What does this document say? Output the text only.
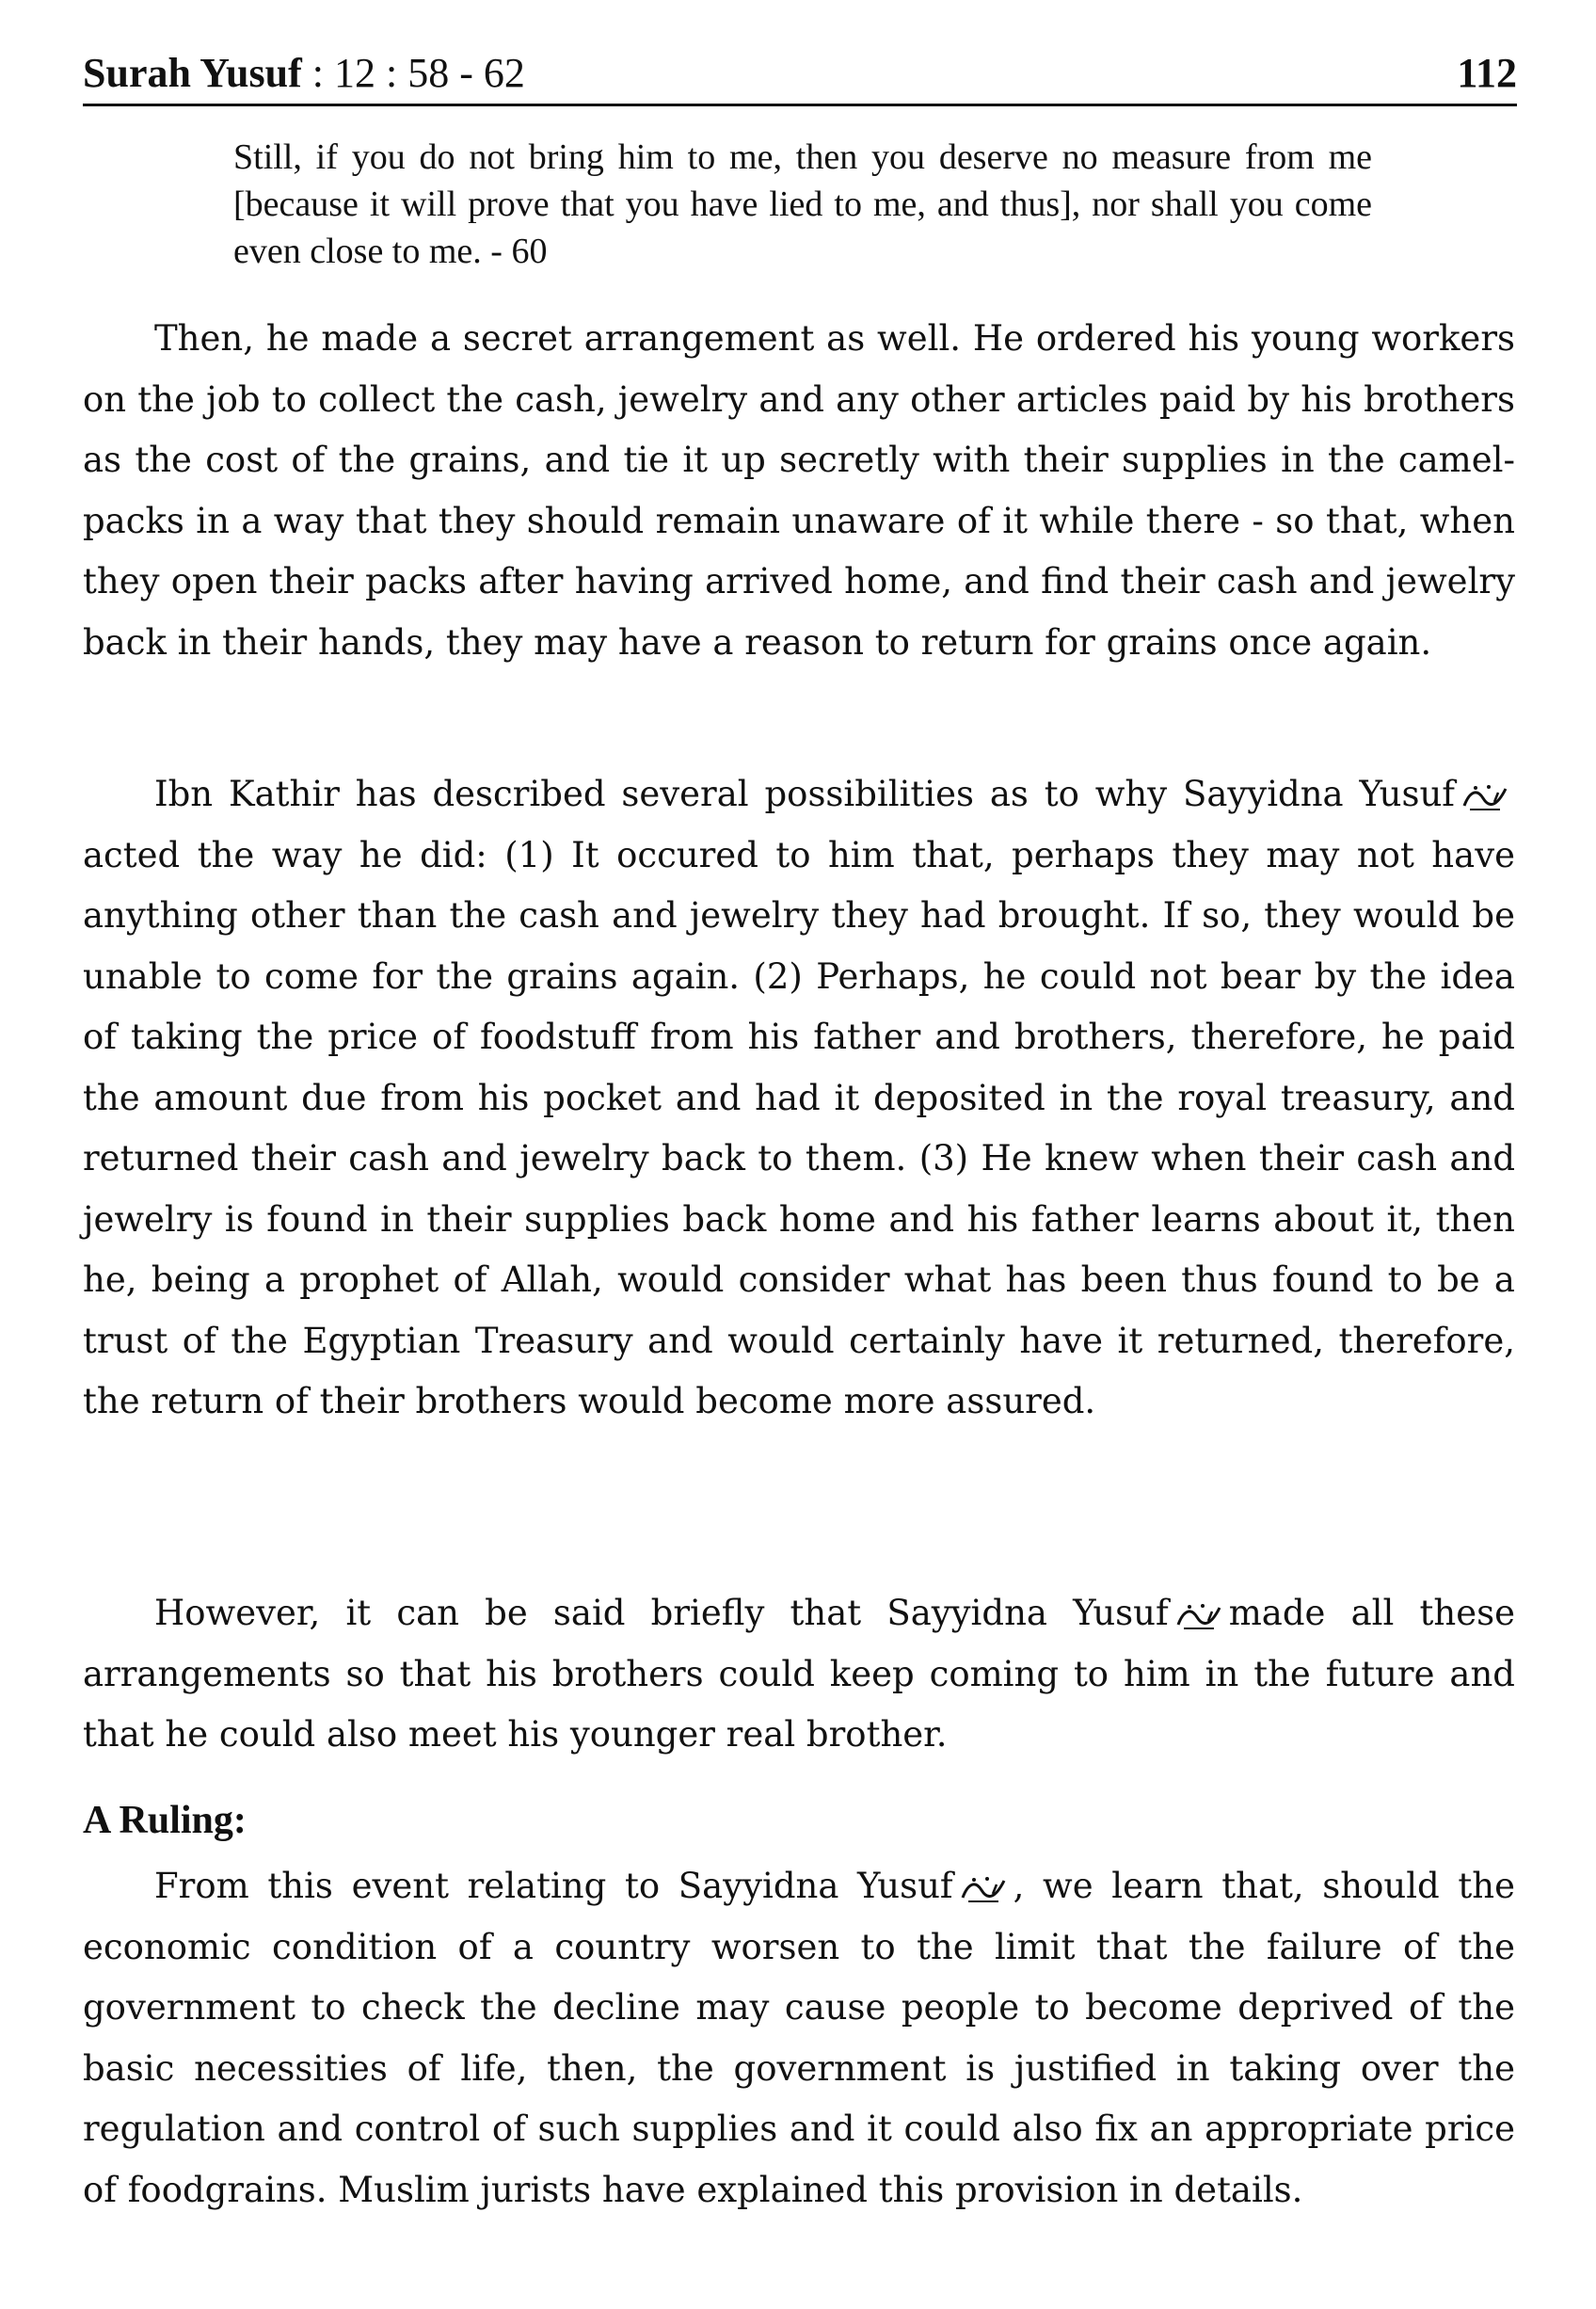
Surah Yusuf : 12 : 58 - 62	112
Still, if you do not bring him to me, then you deserve no measure from me [because it will prove that you have lied to me, and thus], nor shall you come even close to me. - 60

Then, he made a secret arrangement as well. He ordered his young workers on the job to collect the cash, jewelry and any other articles paid by his brothers as the cost of the grains, and tie it up secretly with their supplies in the camel-packs in a way that they should remain unaware of it while there - so that, when they open their packs after having arrived home, and find their cash and jewelry back in their hands, they may have a reason to return for grains once again.

Ibn Kathir has described several possibilities as to why Sayyidna Yusuf
acted the way he did: (1) It occured to him that, perhaps they may not have anything other than the cash and jewelry they had brought. If so, they would be unable to come for the grains again. (2) Perhaps, he could not bear by the idea of taking the price of foodstuff from his father and brothers, therefore, he paid the amount due from his pocket and had it deposited in the royal treasury, and returned their cash and jewelry back to them. (3) He knew when their cash and jewelry is found in their supplies back home and his father learns about it, then he, being a prophet of Allah, would consider what has been thus found to be a trust of the Egyptian Treasury and would certainly have it returned, therefore, the return of their brothers would become more assured.

However, it can be said briefly that Sayyidna Yusuf made all these arrangements so that his brothers could keep coming to him in the future and that he could also meet his younger real brother.

A Ruling:

From this event relating to Sayyidna Yusuf , we learn that, should the economic condition of a country worsen to the limit that the failure of the government to check the decline may cause people to become deprived of the basic necessities of life, then, the government is justified in taking over the regulation and control of such supplies and it could also fix an appropriate price of foodgrains. Muslim jurists have explained this provision in details.
